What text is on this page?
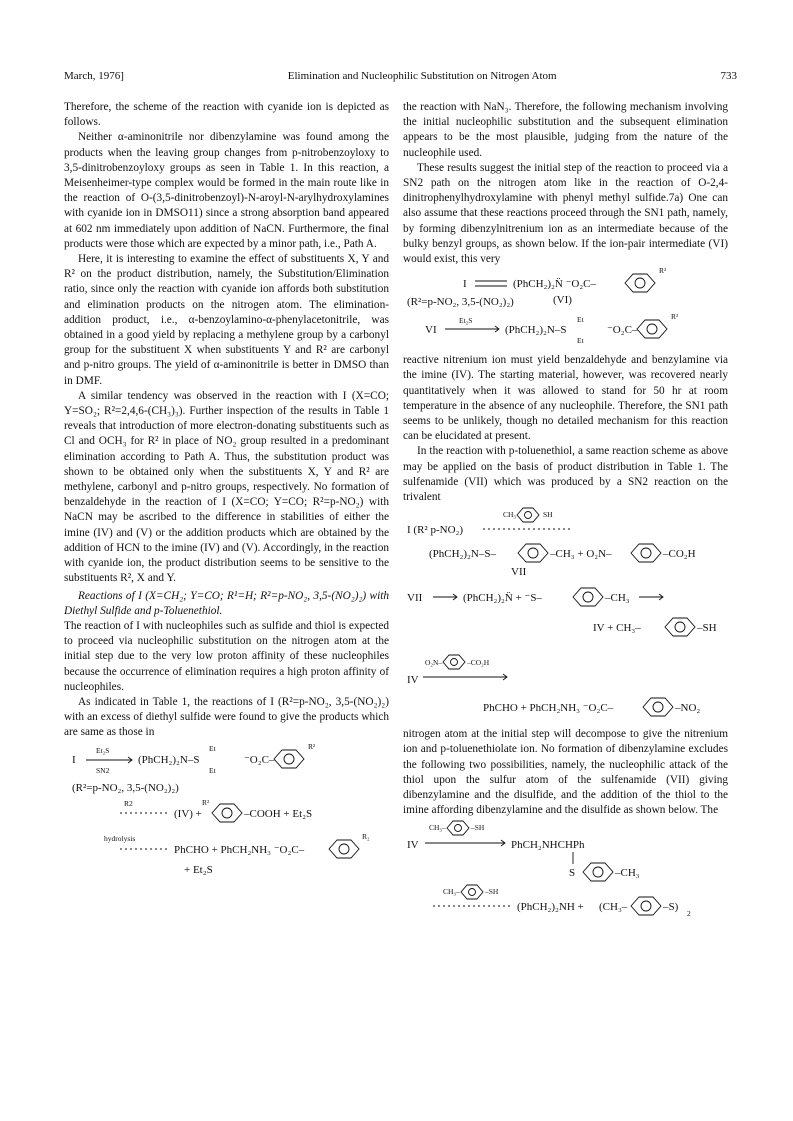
March, 1976]	Elimination and Nucleophilic Substitution on Nitrogen Atom	733

Therefore, the scheme of the reaction with cyanide ion is depicted as follows.

Neither α-aminonitrile nor dibenzylamine was found among the products when the leaving group changes from p-nitrobenzoyloxy to 3,5-dinitrobenzoyloxy groups as seen in Table 1. In this reaction, a Meisenheimer-type complex would be formed in the main route like in the reaction of O-(3,5-dinitrobenzoyl)-N-aroyl-N-arylhydroxylamines with cyanide ion in DMSO11) since a strong absorption band appeared at 602 nm immediately upon addition of NaCN. Furthermore, the final products were those which are expected by a minor path, i.e., Path A.

Here, it is interesting to examine the effect of substituents X, Y and R² on the product distribution, namely, the Substitution/Elimination ratio, since only the reaction with cyanide ion affords both substitution and elimination products on the nitrogen atom. The elimination-addition product, i.e., α-benzoylamino-α-phenylacetonitrile, was obtained in a good yield by replacing a methylene group by a carbonyl group for the substituent X when substituents Y and R² are carbonyl and p-nitro groups. The yield of α-aminonitrile is better in DMSO than in DMF.

A similar tendency was observed in the reaction with I (X=CO; Y=SO₂; R²=2,4,6-(CH₃)₃). Further inspection of the results in Table 1 reveals that introduction of more electron-donating substituents such as Cl and OCH₃ for R² in place of NO₂ group resulted in a predominant elimination according to Path A. Thus, the substitution product was shown to be obtained only when the substituents X, Y and R² are methylene, carbonyl and p-nitro groups, respectively. No formation of benzaldehyde in the reaction of I (X=CO; Y=CO; R²=p-NO₂) with NaCN may be ascribed to the difference in stabilities of either the imine (IV) and (V) or the addition products which are obtained by the addition of HCN to the imine (IV) and (V). Accordingly, in the reaction with cyanide ion, the product distribution seems to be sensitive to the substituents R², X and Y.

Reactions of I (X=CH₂; Y=CO; R¹=H; R²=p-NO₂, 3,5-(NO₂)₂) with Diethyl Sulfide and p-Toluenethiol.

The reaction of I with nucleophiles such as sulfide and thiol is expected to proceed via nucleophilic substitution on the nitrogen atom at the initial step due to the very low proton affinity of these nucleophiles because the occurrence of elimination requires a high proton affinity of nucleophiles.

As indicated in Table 1, the reactions of I (R²=p-NO₂, 3,5-(NO₂)₂) with an excess of diethyl sulfide were found to give the products which are same as those in

I
Et₂S
SN2
(PhCH₂)₂N–S
Et
Et
⁻O₂C–
R²
(R²=p-NO₂, 3,5-(NO₂)₂)
R2
(IV) +
R²
–COOH + Et₂S
hydrolysis
PhCHO + PhCH₂NH₃ ⁻O₂C–
R₂
+ Et₂S

the reaction with NaN₃. Therefore, the following mechanism involving the initial nucleophilic substitution and the subsequent elimination appears to be the most plausible, judging from the nature of the nucleophile used.

These results suggest the initial step of the reaction to proceed via a SN2 path on the nitrogen atom like in the reaction of O-2,4-dinitrophenylhydroxylamine with phenyl methyl sulfide.7a) One can also assume that these reactions proceed through the SN1 path, namely, by forming dibenzylnitrenium ion as an intermediate because of the bulky benzyl groups, as shown below. If the ion-pair intermediate (VI) would exist, this very

I	(PhCH₂)₂N̈ ⁻O₂C–
R²
(R²=p-NO₂, 3,5-(NO₂)₂)	(VI)
VI
Et₂S
(PhCH₂)₂N–S
Et
Et
⁻O₂C–
R²

reactive nitrenium ion must yield benzaldehyde and benzylamine via the imine (IV). The starting material, however, was recovered nearly quantitatively when it was allowed to stand for 50 hr at room temperature in the absence of any nucleophile. Therefore, the SN1 path seems to be unlikely, though no detailed mechanism for this reaction can be elucidated at present.

In the reaction with p-toluenethiol, a same reaction scheme as above may be applied on the basis of product distribution in Table 1. The sulfenamide (VII) which was produced by a SN2 reaction on the trivalent

I (R² p-NO₂)
CH₃	SH
(PhCH₂)₂N–S–	–CH₃ + O₂N–	–CO₂H
VII
VII	(PhCH₂)₂N̈ + ⁻S–	–CH₃
IV + CH₃–	–SH
O₂N–	–CO₂H
IV
PhCHO + PhCH₂NH₃ ⁻O₂C–	–NO₂

nitrogen atom at the initial step will decompose to give the nitrenium ion and p-toluenethiolate ion. No formation of dibenzylamine excludes the following two possibilities, namely, the nucleophilic attack of the thiol upon the sulfur atom of the sulfenamide (VII) giving dibenzylamine and the disulfide, and the addition of the thiol to the imine affording dibenzylamine and the disulfide as shown below. The

CH₃–	–SH
IV	PhCH₂NHCHPh
S	–CH₃
CH₃–	–SH
(PhCH₂)₂NH + (CH₃–	–S)
2
